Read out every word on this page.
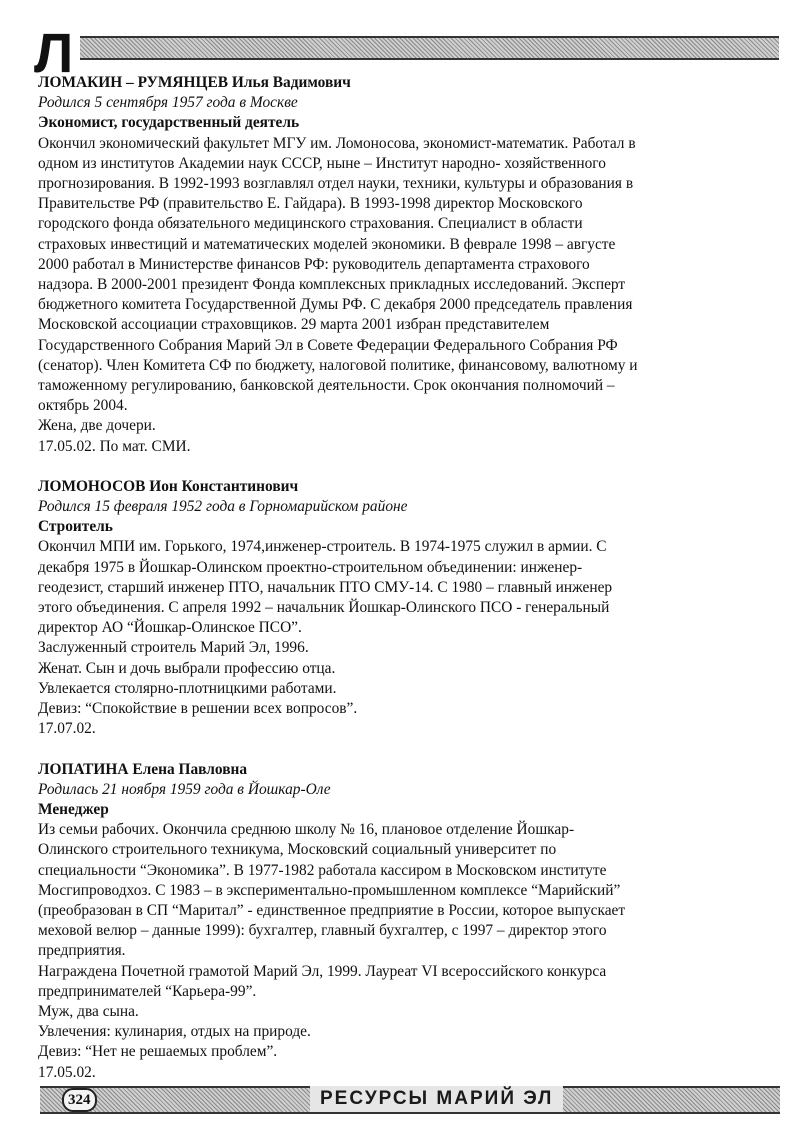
Л
ЛОМАКИН – РУМЯНЦЕВ Илья Вадимович
Родился 5 сентября 1957 года в Москве
Экономист, государственный деятель
Окончил экономический факультет МГУ им. Ломоносова, экономист-математик. Работал в
одном из институтов Академии наук СССР, ныне – Институт народно- хозяйственного
прогнозирования. В 1992-1993 возглавлял отдел науки, техники, культуры и образования в
Правительстве РФ (правительство Е. Гайдара). В 1993-1998 директор Московского
городского фонда обязательного медицинского страхования. Специалист в области
страховых инвестиций и математических моделей экономики. В феврале 1998 – августе
2000 работал в Министерстве финансов РФ: руководитель департамента страхового
надзора. В 2000-2001 президент Фонда комплексных прикладных исследований. Эксперт
бюджетного комитета Государственной Думы РФ. С декабря 2000 председатель правления
Московской ассоциации страховщиков. 29 марта 2001 избран представителем
Государственного Собрания Марий Эл в Совете Федерации Федерального Собрания РФ
(сенатор). Член Комитета СФ по бюджету, налоговой политике, финансовому, валютному и
таможенному регулированию, банковской деятельности. Срок окончания полномочий –
октябрь 2004.
Жена, две дочери.
17.05.02. По мат. СМИ.
ЛОМОНОСОВ Ион Константинович
Родился 15 февраля 1952 года в Горномарийском районе
Строитель
Окончил МПИ им. Горького, 1974,инженер-строитель. В 1974-1975 служил в армии. С
декабря 1975 в Йошкар-Олинском проектно-строительном объединении: инженер-
геодезист, старший инженер ПТО, начальник ПТО СМУ-14. С 1980 – главный инженер
этого объединения. С апреля 1992 – начальник Йошкар-Олинского ПСО - генеральный
директор АО “Йошкар-Олинское ПСО”.
Заслуженный строитель Марий Эл, 1996.
Женат. Сын и дочь выбрали профессию отца.
Увлекается столярно-плотницкими работами.
Девиз: “Спокойствие в решении всех вопросов”.
17.07.02.
ЛОПАТИНА Елена Павловна
Родилась 21 ноября 1959 года в Йошкар-Оле
Менеджер
Из семьи рабочих. Окончила среднюю школу № 16, плановое отделение Йошкар-
Олинского строительного техникума, Московский социальный университет по
специальности “Экономика”. В 1977-1982 работала кассиром в Московском институте
Мосгипроводхоз. С 1983 – в экспериментально-промышленном комплексе “Марийский”
(преобразован в СП “Маритал” - единственное предприятие в России, которое выпускает
меховой велюр – данные 1999): бухгалтер, главный бухгалтер, с 1997 – директор этого
предприятия.
Награждена Почетной грамотой Марий Эл, 1999. Лауреат VI всероссийского конкурса
предпринимателей “Карьера-99”.
Муж, два сына.
Увлечения: кулинария, отдых на природе.
Девиз: “Нет не решаемых проблем”.
17.05.02.
324	РЕСУРСЫ МАРИЙ ЭЛ
